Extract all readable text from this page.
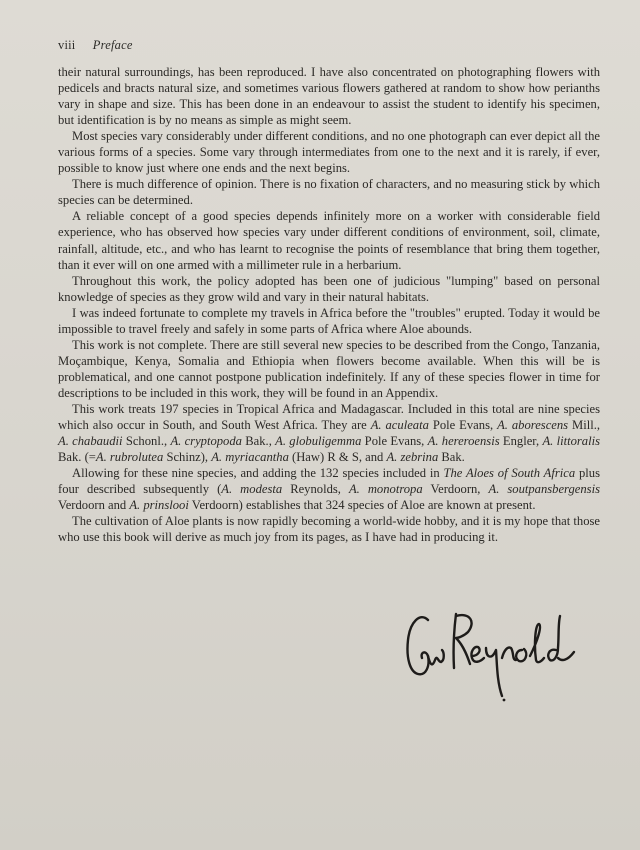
viii Preface

their natural surroundings, has been reproduced. I have also concentrated on photographing flowers with pedicels and bracts natural size, and sometimes various flowers gathered at random to show how perianths vary in shape and size. This has been done in an endeavour to assist the student to identify his specimen, but identification is by no means as simple as might seem.

Most species vary considerably under different conditions, and no one photograph can ever depict all the various forms of a species. Some vary through intermediates from one to the next and it is rarely, if ever, possible to know just where one ends and the next begins.

There is much difference of opinion. There is no fixation of characters, and no measuring stick by which species can be determined.

A reliable concept of a good species depends infinitely more on a worker with considerable field experience, who has observed how species vary under different conditions of environment, soil, climate, rainfall, altitude, etc., and who has learnt to recognise the points of resemblance that bring them together, than it ever will on one armed with a millimeter rule in a herbarium.

Throughout this work, the policy adopted has been one of judicious "lumping" based on personal knowledge of species as they grow wild and vary in their natural habitats.

I was indeed fortunate to complete my travels in Africa before the "troubles" erupted. Today it would be impossible to travel freely and safely in some parts of Africa where Aloe abounds.

This work is not complete. There are still several new species to be described from the Congo, Tanzania, Moçambique, Kenya, Somalia and Ethiopia when flowers become available. When this will be is problematical, and one cannot postpone publication indefinitely. If any of these species flower in time for descriptions to be included in this work, they will be found in an Appendix.

This work treats 197 species in Tropical Africa and Madagascar. Included in this total are nine species which also occur in South, and South West Africa. They are A. aculeata Pole Evans, A. aborescens Mill., A. chabaudii Schonl., A. cryptopoda Bak., A. globuligemma Pole Evans, A. hereroensis Engler, A. littoralis Bak. (=A. rubrolutea Schinz), A. myriacantha (Haw) R & S, and A. zebrina Bak.

Allowing for these nine species, and adding the 132 species included in The Aloes of South Africa plus four described subsequently (A. modesta Reynolds, A. monotropa Verdoorn, A. soutpansbergensis Verdoorn and A. prinslooi Verdoorn) establishes that 324 species of Aloe are known at present.

The cultivation of Aloe plants is now rapidly becoming a world-wide hobby, and it is my hope that those who use this book will derive as much joy from its pages, as I have had in producing it.
